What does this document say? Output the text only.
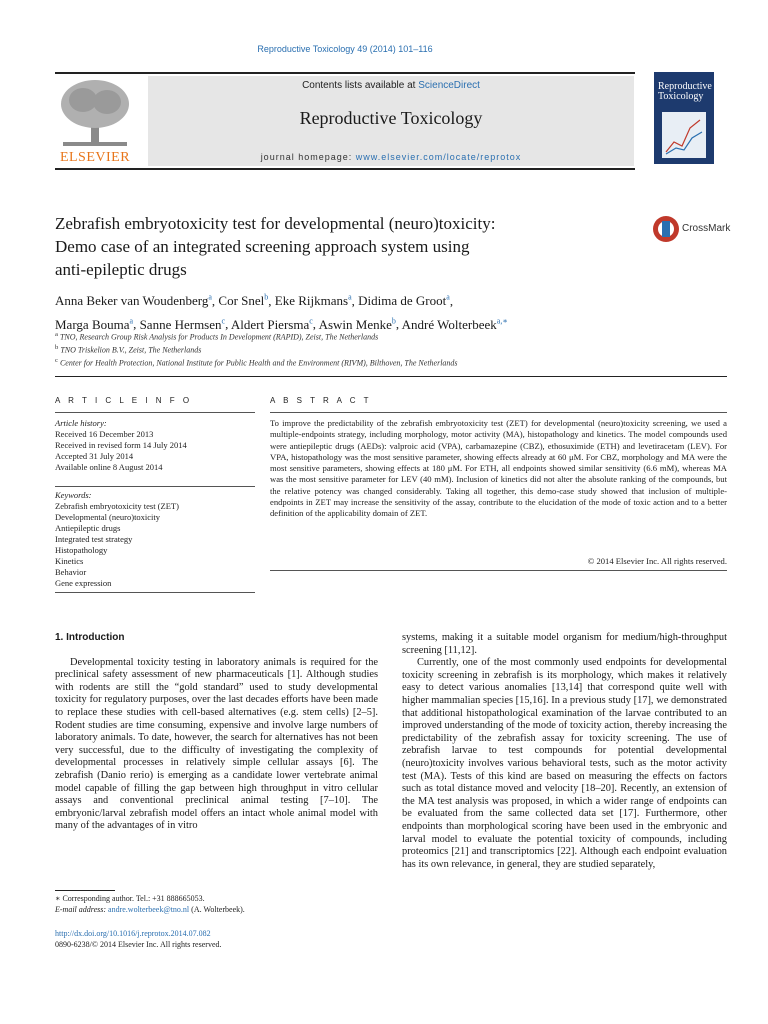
Reproductive Toxicology 49 (2014) 101–116
ELSEVIER
Contents lists available at ScienceDirect
Reproductive Toxicology
journal homepage: www.elsevier.com/locate/reprotox
Reproductive Toxicology
Zebrafish embryotoxicity test for developmental (neuro)toxicity:
Demo case of an integrated screening approach system using
anti-epileptic drugs
CrossMark
Anna Beker van Woudenberg$^a$, Cor Snel$^b$, Eke Rijkmans$^a$, Didima de Groot$^a$,
Marga Bouma$^a$, Sanne Hermsen$^c$, Aldert Piersma$^c$, Aswin Menke$^b$, André Wolterbeek$^{a,∗}$
$^a$ TNO, Research Group Risk Analysis for Products In Development (RAPID), Zeist, The Netherlands
$^b$ TNO Triskelion B.V., Zeist, The Netherlands
$^c$ Center for Health Protection, National Institute for Public Health and the Environment (RIVM), Bilthoven, The Netherlands
A R T I C L E I N F O
Article history:
Received 16 December 2013
Received in revised form 14 July 2014
Accepted 31 July 2014
Available online 8 August 2014
Keywords:
Zebrafish embryotoxicity test (ZET)
Developmental (neuro)toxicity
Antiepileptic drugs
Integrated test strategy
Histopathology
Kinetics
Behavior
Gene expression
A B S T R A C T
To improve the predictability of the zebrafish embryotoxicity test (ZET) for developmental (neuro)toxicity screening, we used a multiple-endpoints strategy, including morphology, motor activity (MA), histopathology and kinetics. The model compounds used were antiepileptic drugs (AEDs): valproic acid (VPA), carbamazepine (CBZ), ethosuximide (ETH) and levetiracetam (LEV). For VPA, histopathology was the most sensitive parameter, showing effects already at 60 μM. For CBZ, morphology and MA were the most sensitive parameters, showing effects at 180 μM. For ETH, all endpoints showed similar sensitivity (6.6 mM), whereas MA was the most sensitive parameter for LEV (40 mM). Inclusion of kinetics did not alter the absolute ranking of the compounds, but the relative potency was changed considerably. Taking all together, this demo-case study showed that inclusion of multiple-endpoints in ZET may increase the sensitivity of the assay, contribute to the elucidation of the mode of toxic action and to a better definition of the applicability domain of ZET.
© 2014 Elsevier Inc. All rights reserved.
1. Introduction

Developmental toxicity testing in laboratory animals is required for the preclinical safety assessment of new pharmaceuticals [1]. Although studies with rodents are still the “gold standard” used to study developmental toxicity for regulatory purposes, over the last decades efforts have been made to replace these studies with cell-based alternatives (e.g. stem cells) [2–5]. Rodent studies are time consuming, expensive and involve large numbers of laboratory animals. To date, however, the search for alternatives has not been very successful, due to the difficulty of investigating the complexity of developmental processes in relatively simple cellular assays [6]. The zebrafish (Danio rerio) is emerging as a candidate lower vertebrate animal model capable of filling the gap between high throughput in vitro cellular assays and conventional preclinical animal testing [7–10]. The embryonic/larval zebrafish model offers an intact whole animal model with many of the advantages of in vitro

systems, making it a suitable model organism for medium/high-throughput screening [11,12].

Currently, one of the most commonly used endpoints for developmental toxicity screening in zebrafish is its morphology, which makes it relatively easy to detect various anomalies [13,14] that correspond quite well with higher mammalian species [15,16]. In a previous study [17], we demonstrated that additional histopathological examination of the larvae contributed to an improved understanding of the mode of toxicity action, thereby increasing the predictability of the zebrafish assay for toxicity screening. The use of zebrafish larvae to test compounds for potential developmental (neuro)toxicity involves various behavioral tests, such as the motor activity test (MA). Tests of this kind are based on measuring the effects on factors such as total distance moved and velocity [18–20]. Recently, an extension of the MA test analysis was proposed, in which a wider range of endpoints can be evaluated from the same collected data set [17]. Furthermore, other endpoints than morphological scoring have been used in the embryonic and larval model to evaluate the potential toxicity of compounds, including proteomics [21] and transcriptomics [22]. Although each endpoint evaluation has its own relevance, in general, they are studied separately,

∗ Corresponding author. Tel.: +31 888665053.
E-mail address: andre.wolterbeek@tno.nl (A. Wolterbeek).
http://dx.doi.org/10.1016/j.reprotox.2014.07.082
0890-6238/© 2014 Elsevier Inc. All rights reserved.
